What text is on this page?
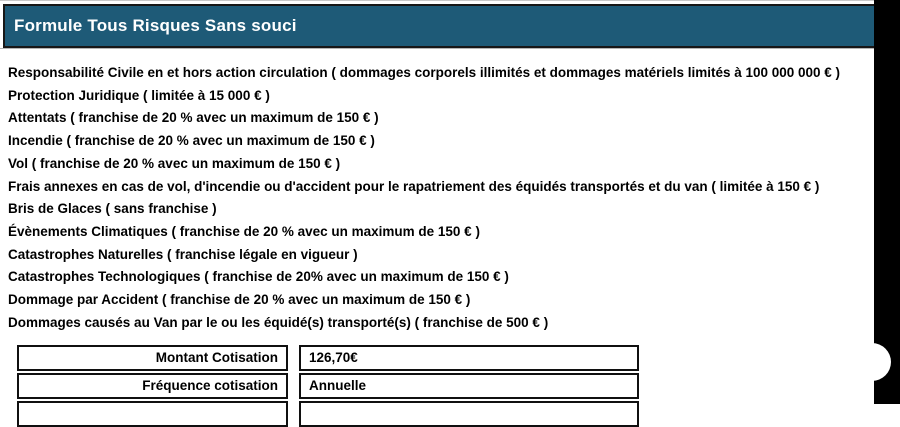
Formule Tous Risques Sans souci
Responsabilité Civile en et hors action circulation ( dommages corporels illimités et dommages matériels limités à 100 000 000 € )
Protection Juridique ( limitée à 15 000 € )
Attentats ( franchise de 20 % avec un maximum de 150 € )
Incendie ( franchise de 20 % avec un maximum de 150 € )
Vol ( franchise de 20 % avec un maximum de 150 € )
Frais annexes en cas de vol, d'incendie ou d'accident pour le rapatriement des équidés transportés et du van ( limitée à 150 € )
Bris de Glaces ( sans franchise )
Évènements Climatiques ( franchise de 20 % avec un maximum de 150 € )
Catastrophes Naturelles ( franchise légale en vigueur )
Catastrophes Technologiques ( franchise de 20% avec un maximum de 150 € )
Dommage par Accident ( franchise de 20 % avec un maximum de 150 € )
Dommages causés au Van par le ou les équidé(s) transporté(s) ( franchise de 500 € )
Montant Cotisation	126,70€
Fréquence cotisation	Annuelle
